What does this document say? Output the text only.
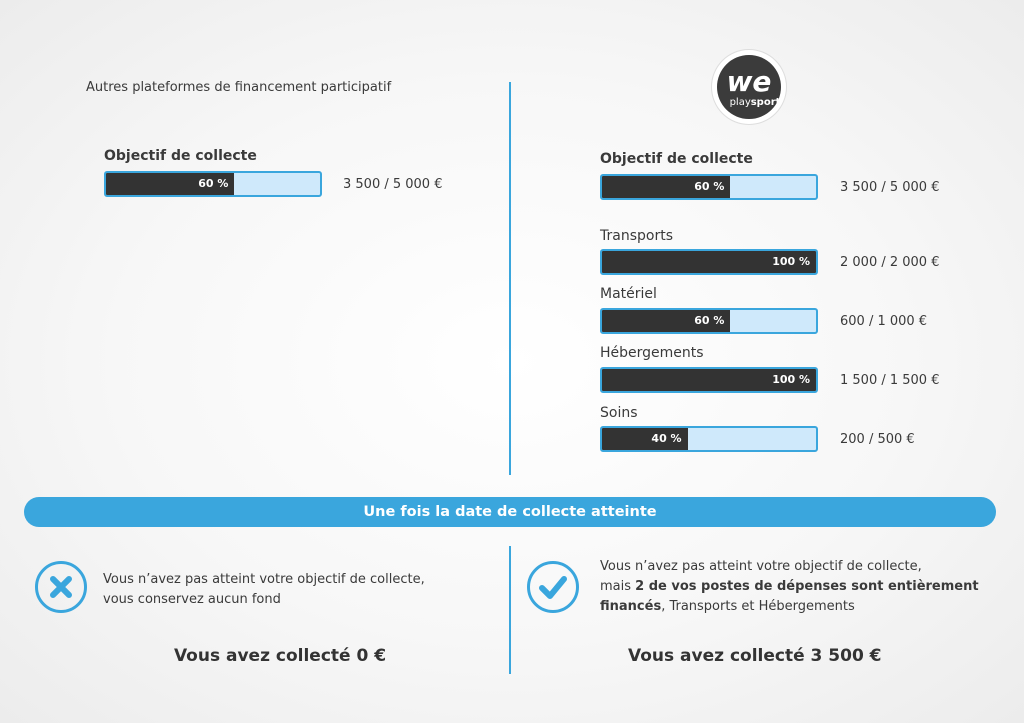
Autres plateformes de financement participatif
Objectif de collecte
60 %	3 500 / 5 000 €
we
playsport
Objectif de collecte
60 %	3 500 / 5 000 €
Transports
100 %	2 000 / 2 000 €
Matériel
60 %	600 / 1 000 €
Hébergements
100 %	1 500 / 1 500 €
Soins
40 %	200 / 500 €
Une fois la date de collecte atteinte
Vous n’avez pas atteint votre objectif de collecte,
vous conservez aucun fond
Vous avez collecté 0 €
Vous n’avez pas atteint votre objectif de collecte,
mais 2 de vos postes de dépenses sont entièrement
financés, Transports et Hébergements
Vous avez collecté 3 500 €
